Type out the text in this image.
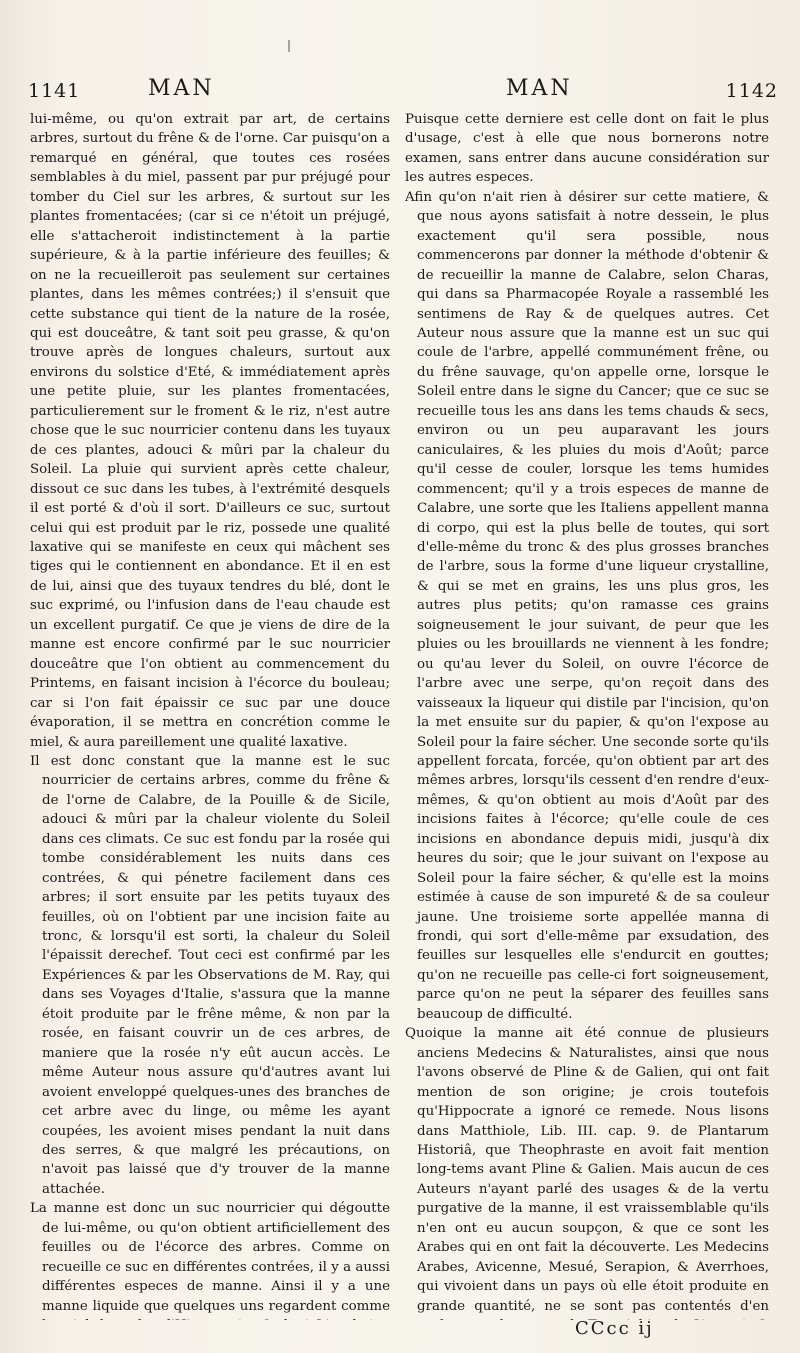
1141	MAN	MAN	1142

lui-même, ou qu'on extrait par art, de certains arbres, surtout du frêne & de l'orne. Car puisqu'on a remarqué en général, que toutes ces rosées semblables à du miel, passent par pur préjugé pour tomber du Ciel sur les arbres, & surtout sur les plantes fromentacées; (car si ce n'étoit un préjugé, elle s'attacheroit indistinctement à la partie supérieure, & à la partie inférieure des feuilles; & on ne la recueilleroit pas seulement sur certaines plantes, dans les mêmes contrées;) il s'ensuit que cette substance qui tient de la nature de la rosée, qui est douceâtre, & tant soit peu grasse, & qu'on trouve après de longues chaleurs, surtout aux environs du solstice d'Eté, & immédiatement après une petite pluie, sur les plantes fromentacées, particulierement sur le froment & le riz, n'est autre chose que le suc nourricier contenu dans les tuyaux de ces plantes, adouci & mûri par la chaleur du Soleil. La pluie qui survient après cette chaleur, dissout ce suc dans les tubes, à l'extrémité desquels il est porté & d'où il sort. D'ailleurs ce suc, surtout celui qui est produit par le riz, possede une qualité laxative qui se manifeste en ceux qui mâchent ses tiges qui le contiennent en abondance. Et il en est de lui, ainsi que des tuyaux tendres du blé, dont le suc exprimé, ou l'infusion dans de l'eau chaude est un excellent purgatif. Ce que je viens de dire de la manne est encore confirmé par le suc nourricier douceâtre que l'on obtient au commencement du Printems, en faisant incision à l'écorce du bouleau; car si l'on fait épaissir ce suc par une douce évaporation, il se mettra en concrétion comme le miel, & aura pareillement une qualité laxative.

Il est donc constant que la manne est le suc nourricier de certains arbres, comme du frêne & de l'orne de Calabre, de la Pouille & de Sicile, adouci & mûri par la chaleur violente du Soleil dans ces climats. Ce suc est fondu par la rosée qui tombe considérablement les nuits dans ces contrées, & qui pénetre facilement dans ces arbres; il sort ensuite par les petits tuyaux des feuilles, où on l'obtient par une incision faite au tronc, & lorsqu'il est sorti, la chaleur du Soleil l'épaissit derechef. Tout ceci est confirmé par les Expériences & par les Observations de M. Ray, qui dans ses Voyages d'Italie, s'assura que la manne étoit produite par le frêne même, & non par la rosée, en faisant couvrir un de ces arbres, de maniere que la rosée n'y eût aucun accès. Le même Auteur nous assure qu'd'autres avant lui avoient enveloppé quelques-unes des branches de cet arbre avec du linge, ou même les ayant coupées, les avoient mises pendant la nuit dans des serres, & que malgré les précautions, on n'avoit pas laissé que d'y trouver de la manne attachée.

La manne est donc un suc nourricier qui dégoutte de lui-même, ou qu'on obtient artificiellement des feuilles ou de l'écorce des arbres. Comme on recueille ce suc en différentes contrées, il y a aussi différentes especes de manne. Ainsi il y a une manne liquide que quelques uns regardent comme

Puisque cette derniere est celle dont on fait le plus d'usage, c'est à elle que nous bornerons notre examen, sans entrer dans aucune considération sur les autres especes.

Afin qu'on n'ait rien à désirer sur cette matiere, & que nous ayons satisfait à notre dessein, le plus exactement qu'il sera possible, nous commencerons par donner la méthode d'obtenir & de recueillir la manne de Calabre, selon Charas, qui dans sa Pharmacopée Royale a rassemblé les sentimens de Ray & de quelques autres. Cet Auteur nous assure que la manne est un suc qui coule de l'arbre, appellé communément frêne, ou du frêne sauvage, qu'on appelle orne, lorsque le Soleil entre dans le signe du Cancer; que ce suc se recueille tous les ans dans les tems chauds & secs, environ ou un peu auparavant les jours caniculaires, & les pluies du mois d'Août; parce qu'il cesse de couler, lorsque les tems humides commencent; qu'il y a trois especes de manne de Calabre, une sorte que les Italiens appellent manna di corpo, qui est la plus belle de toutes, qui sort d'elle-même du tronc & des plus grosses branches de l'arbre, sous la forme d'une liqueur crystalline, & qui se met en grains, les uns plus gros, les autres plus petits; qu'on ramasse ces grains soigneusement le jour suivant, de peur que les pluies ou les brouillards ne viennent à les fondre; ou qu'au lever du Soleil, on ouvre l'écorce de l'arbre avec une serpe, qu'on reçoit dans des vaisseaux la liqueur qui distile par l'incision, qu'on la met ensuite sur du papier, & qu'on l'expose au Soleil pour la faire sécher. Une seconde sorte qu'ils appellent forcata, forcée, qu'on obtient par art des mêmes arbres, lorsqu'ils cessent d'en rendre d'eux-mêmes, & qu'on obtient au mois d'Août par des incisions faites à l'écorce; qu'elle coule de ces incisions en abondance depuis midi, jusqu'à dix heures du soir; que le jour suivant on l'expose au Soleil pour la faire sécher, & qu'elle est la moins estimée à cause de son impureté & de sa couleur jaune. Une troisieme sorte appellée manna di frondi, qui sort d'elle-même par exsudation, des feuilles sur lesquelles elle s'endurcit en gouttes; qu'on ne recueille pas celle-ci fort soigneusement, parce qu'on ne peut la séparer des feuilles sans beaucoup de difficulté.

Quoique la manne ait été connue de plusieurs anciens Medecins & Naturalistes, ainsi que nous l'avons observé de Pline & de Galien, qui ont fait mention de son origine; je crois toutefois qu'Hippocrate a ignoré ce remede. Nous lisons dans Matthiole, Lib. III. cap. 9. de Plantarum Historiâ, que Theophraste en avoit fait mention long-tems avant Pline & Galien. Mais aucun de ces Auteurs n'ayant parlé des usages & de la vertu purgative de la manne, il est vraissemblable qu'ils n'en ont eu aucun soupçon, & que ce sont les Arabes qui en ont fait la découverte. Les Medecins Arabes, Avicenne, Mesué, Serapion, & Averrhoes, qui vivoient dans un pays où elle étoit produite en grande quantité, ne se sont pas contentés d'en

CCcc ij
